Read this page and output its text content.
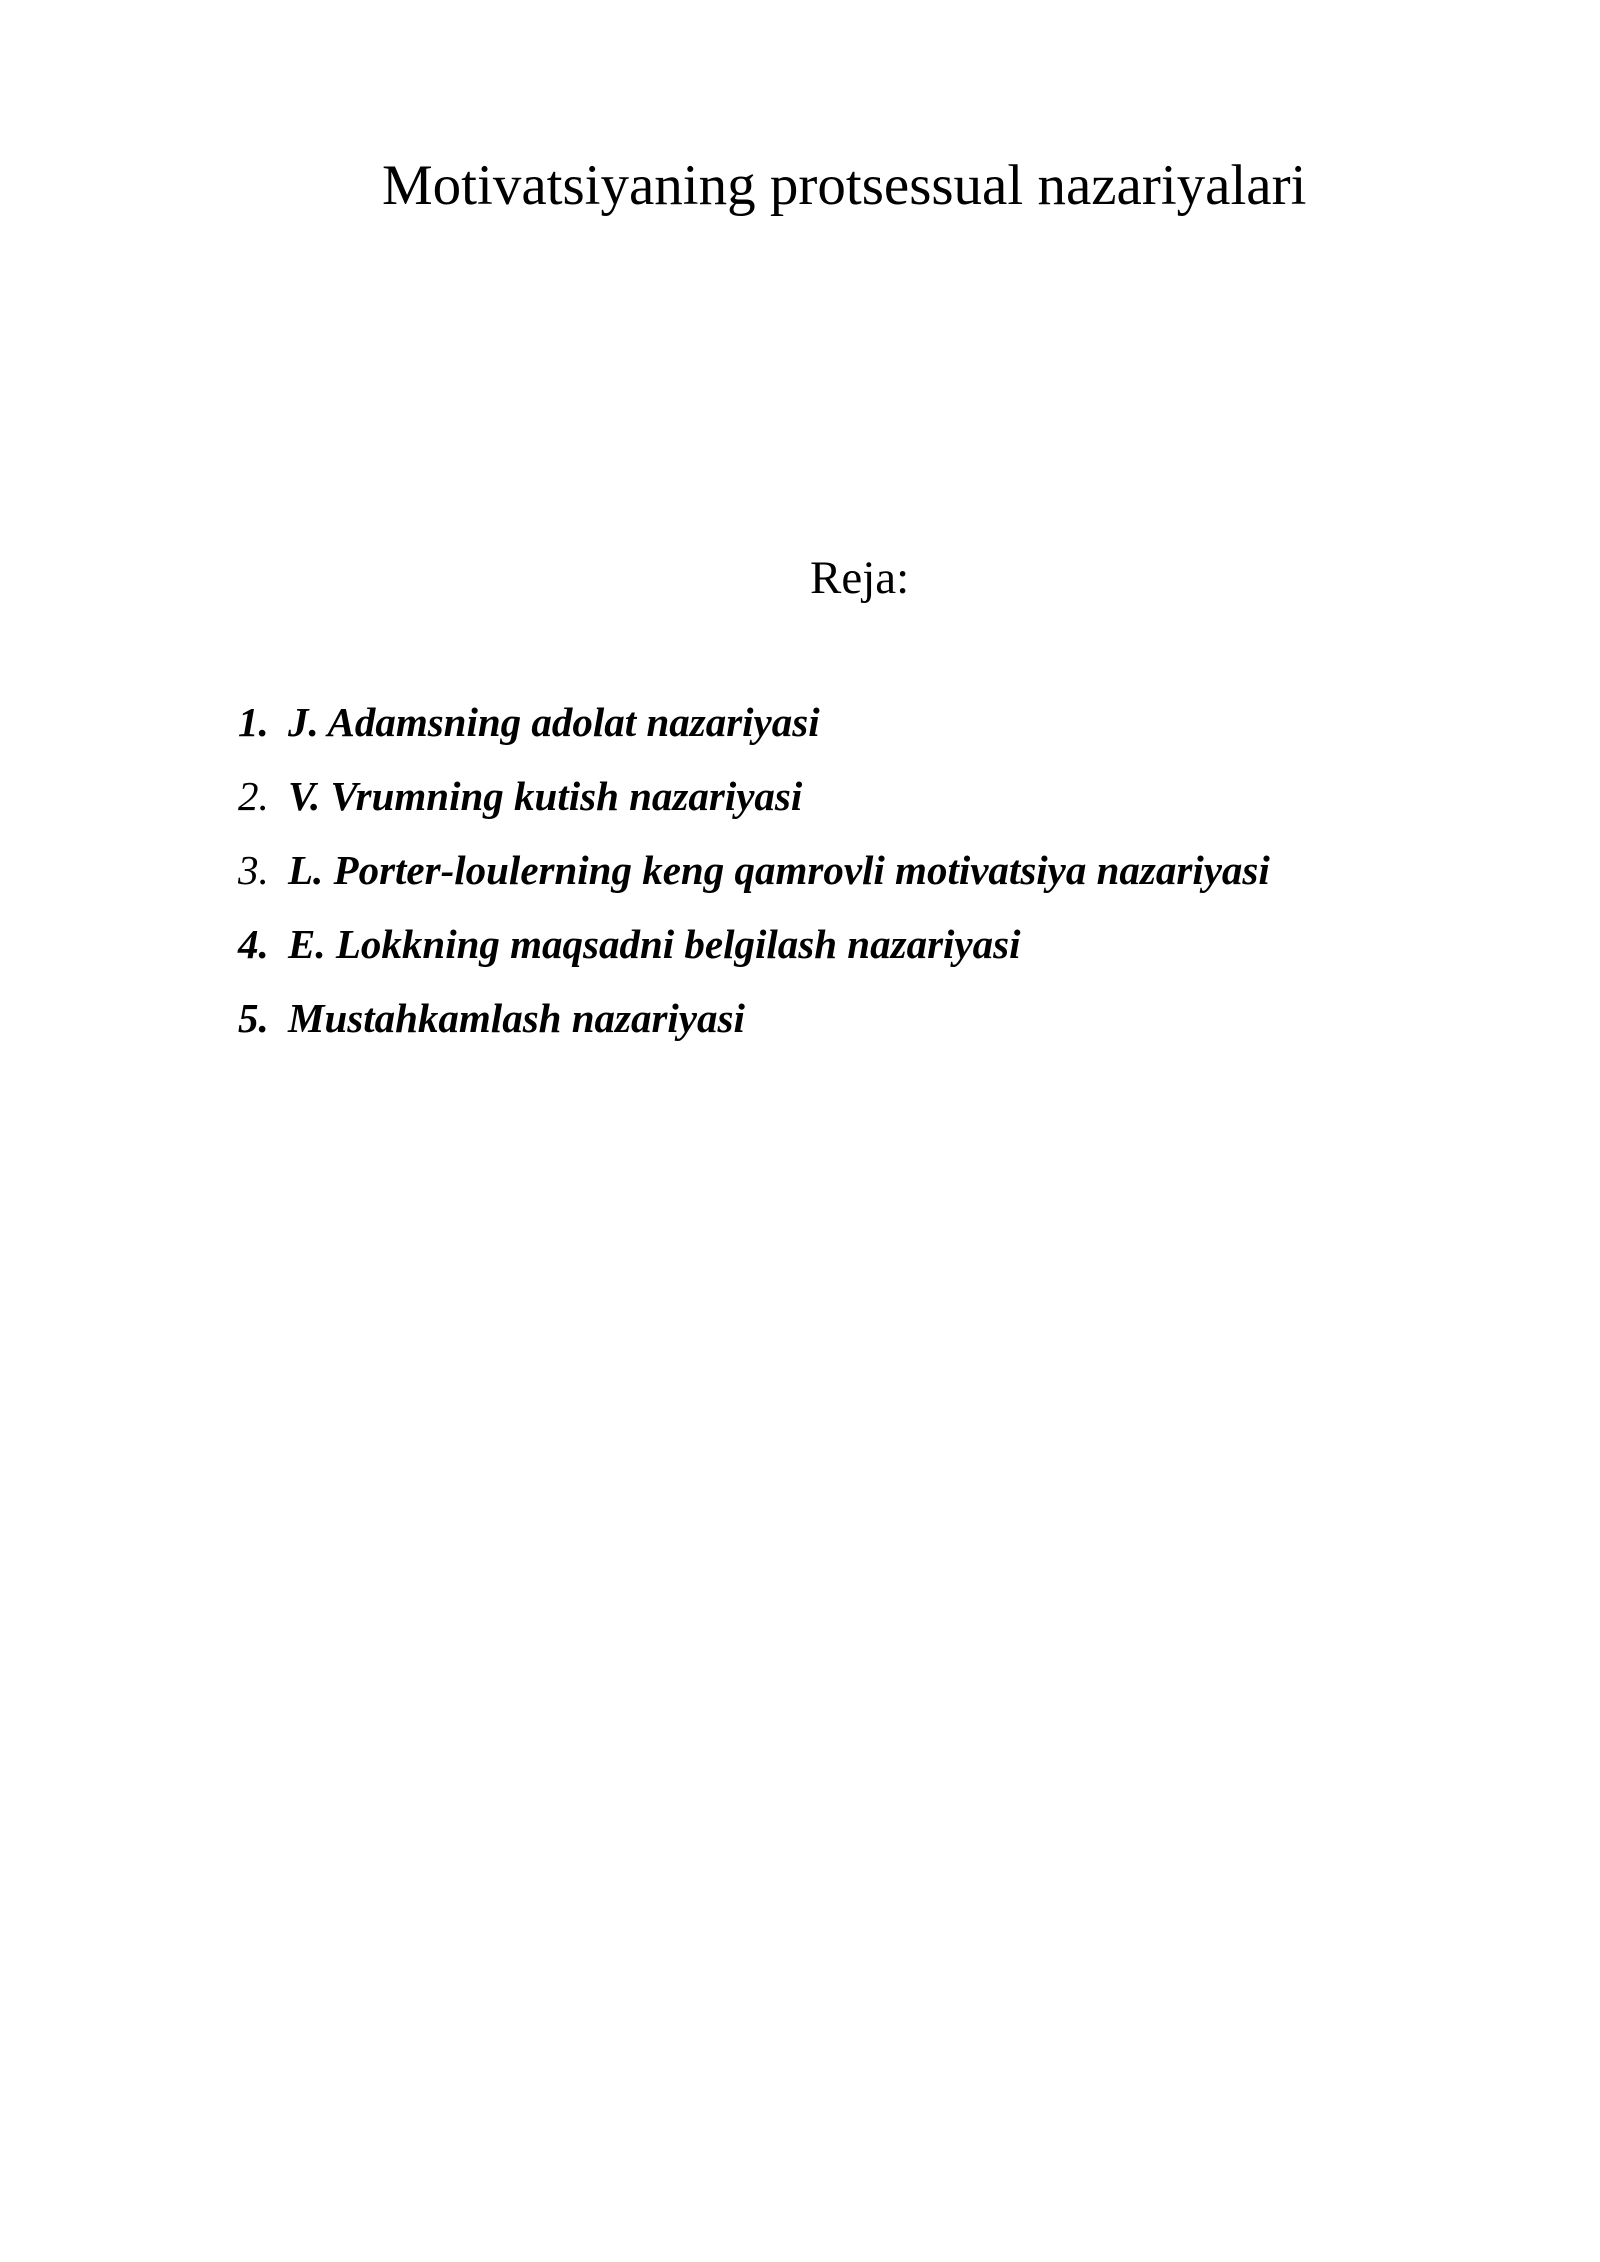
Motivatsiyaning protsessual nazariyalari
Reja:
1. J. Adamsning adolat nazariyasi
2. V. Vrumning kutish nazariyasi
3. L. Porter-loulerning keng qamrovli motivatsiya nazariyasi
4. E. Lokkning maqsadni belgilash nazariyasi
5. Mustahkamlash nazariyasi
